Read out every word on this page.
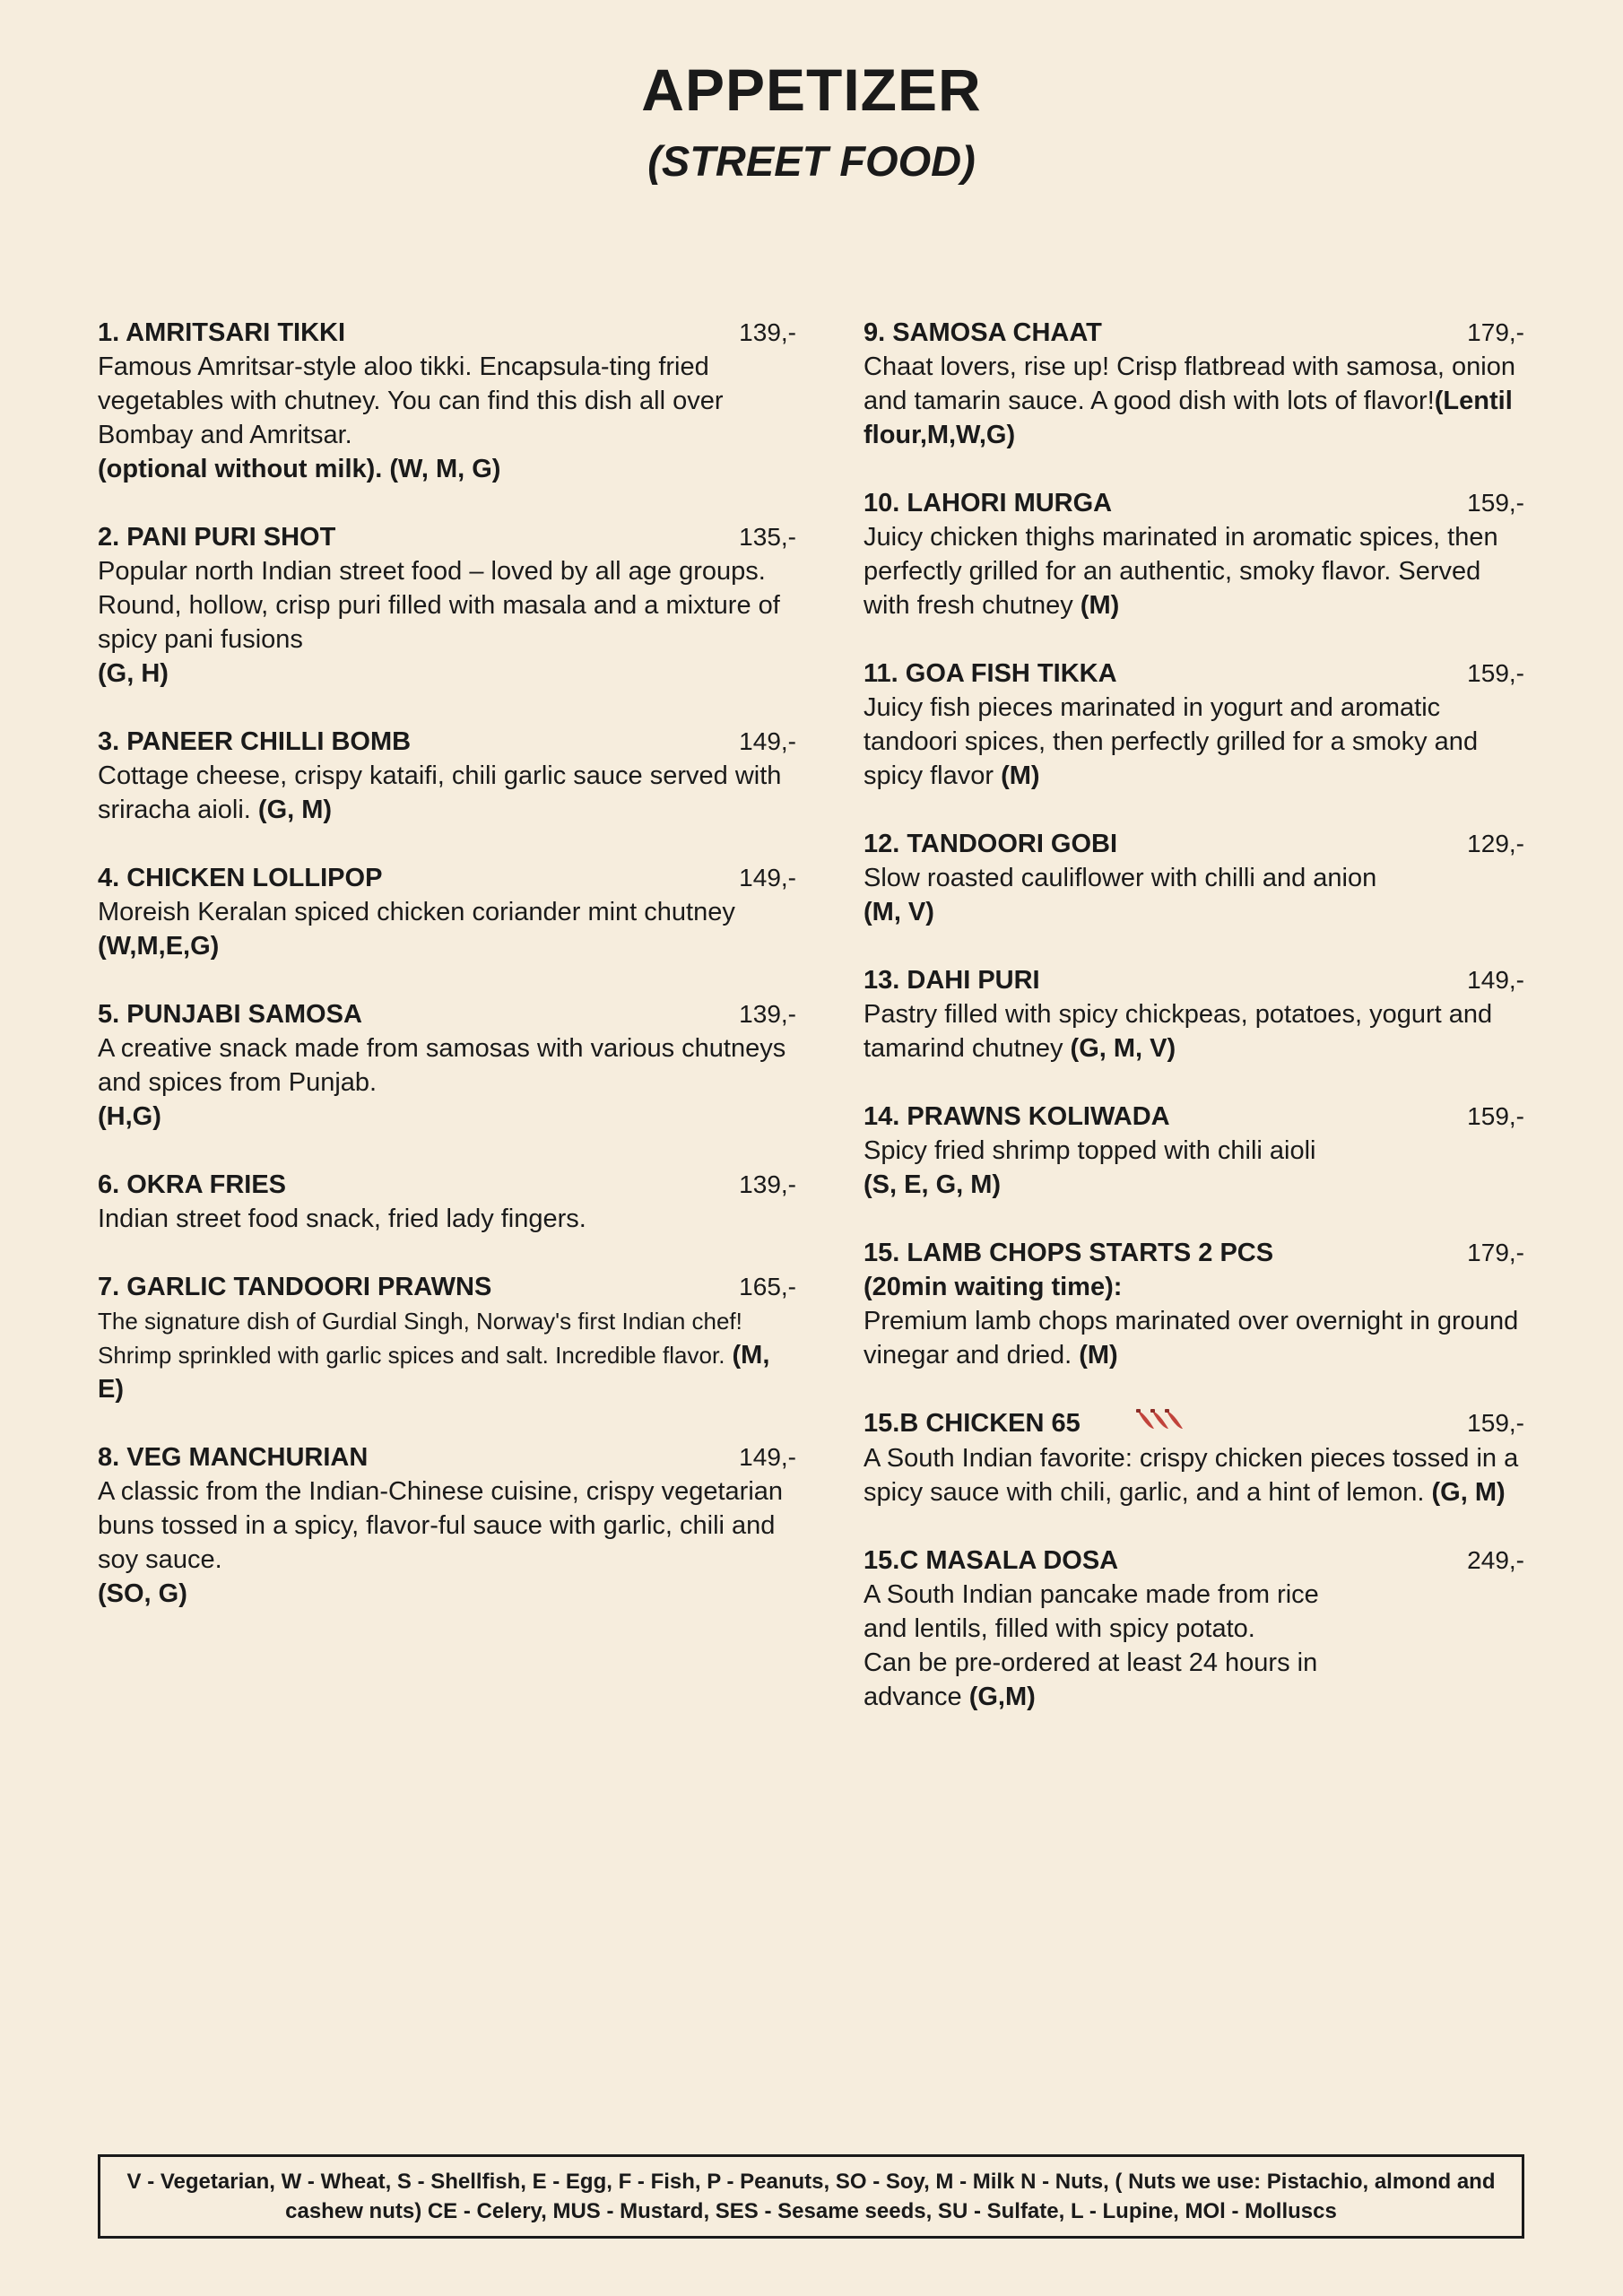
APPETIZER
(STREET FOOD)
1. AMRITSARI TIKKI	139,-
Famous Amritsar-style aloo tikki. Encapsula-ting fried vegetables with chutney. You can find this dish all over Bombay and Amritsar.
(optional without milk). (W, M, G)
2. PANI PURI SHOT	135,-
Popular north Indian street food – loved by all age groups. Round, hollow, crisp puri filled with masala and a mixture of spicy pani fusions
(G, H)
3. PANEER CHILLI BOMB	149,-
Cottage cheese, crispy kataifi, chili garlic sauce served with sriracha aioli. (G, M)
4. CHICKEN LOLLIPOP	149,-
Moreish Keralan spiced chicken coriander mint chutney (W,M,E,G)
5. PUNJABI SAMOSA	139,-
A creative snack made from samosas with various chutneys and spices from Punjab.
(H,G)
6. OKRA FRIES	139,-
Indian street food snack, fried lady fingers.
7. GARLIC TANDOORI PRAWNS	165,-
The signature dish of Gurdial Singh, Norway's first Indian chef! Shrimp sprinkled with garlic spices and salt. Incredible flavor. (M, E)
8. VEG MANCHURIAN	149,-
A classic from the Indian-Chinese cuisine, crispy vegetarian buns tossed in a spicy, flavor-ful sauce with garlic, chili and soy sauce.
(SO, G)
9. SAMOSA CHAAT	179,-
Chaat lovers, rise up! Crisp flatbread with samosa, onion and tamarin sauce. A good dish with lots of flavor!(Lentil flour,M,W,G)
10. LAHORI MURGA	159,-
Juicy chicken thighs marinated in aromatic spices, then perfectly grilled for an authentic, smoky flavor. Served with fresh chutney (M)
11. GOA FISH TIKKA	159,-
Juicy fish pieces marinated in yogurt and aromatic tandoori spices, then perfectly grilled for a smoky and spicy flavor (M)
12. TANDOORI GOBI	129,-
Slow roasted cauliflower with chilli and anion
(M, V)
13. DAHI PURI	149,-
Pastry filled with spicy chickpeas, potatoes, yogurt and tamarind chutney (G, M, V)
14. PRAWNS KOLIWADA	159,-
Spicy fried shrimp topped with chili aioli
(S, E, G, M)
15. LAMB CHOPS STARTS 2 PCS	179,-
(20min waiting time):
Premium lamb chops marinated over overnight in ground vinegar and dried. (M)
15.B CHICKEN 65	159,-
A South Indian favorite: crispy chicken pieces tossed in a spicy sauce with chili, garlic, and a hint of lemon. (G, M)
15.C MASALA DOSA	249,-
A South Indian pancake made from rice
and lentils, filled with spicy potato.
Can be pre-ordered at least 24 hours in
advance (G,M)
V - Vegetarian, W - Wheat, S - Shellfish, E - Egg, F - Fish, P - Peanuts, SO - Soy, M - Milk N - Nuts, ( Nuts we use: Pistachio, almond and cashew nuts) CE - Celery, MUS - Mustard, SES - Sesame seeds, SU - Sulfate, L - Lupine, MOl - Molluscs
